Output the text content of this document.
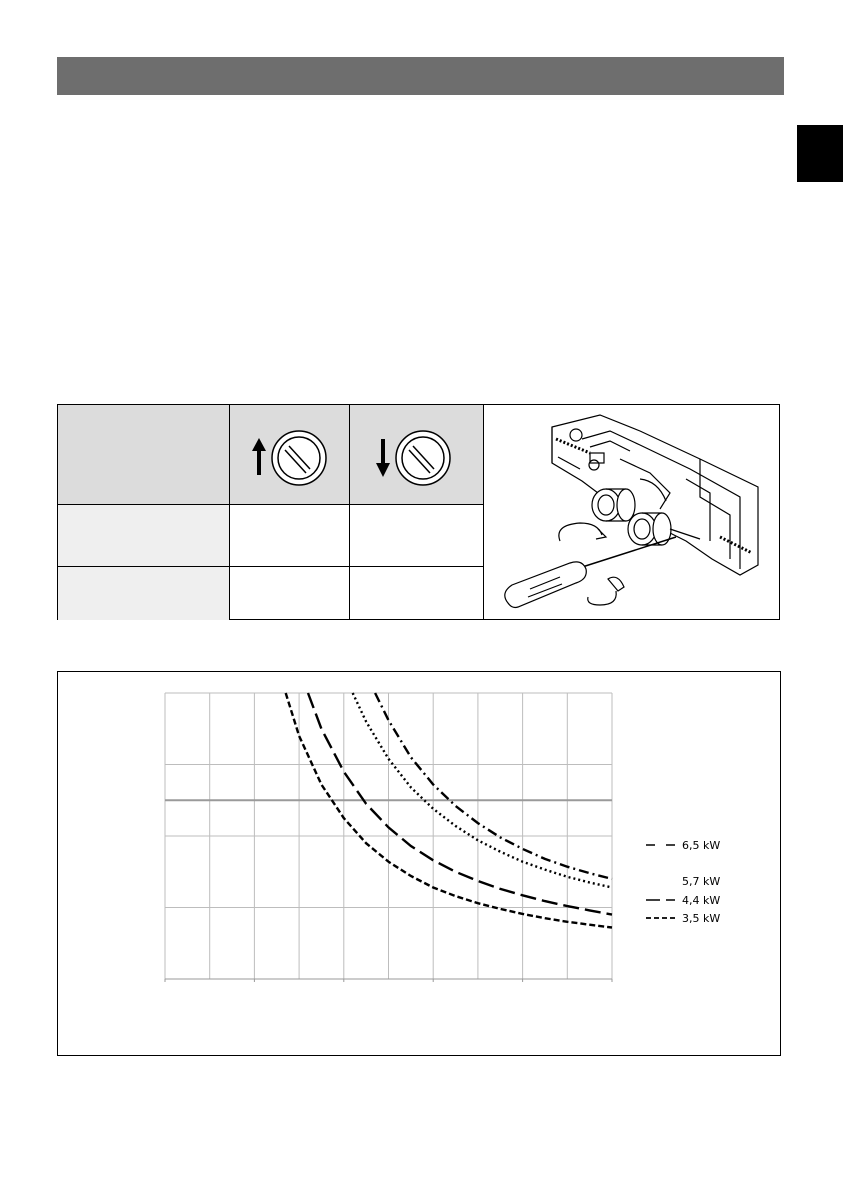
6,5 kW
5,7 kW
4,4 kW
3,5 kW
